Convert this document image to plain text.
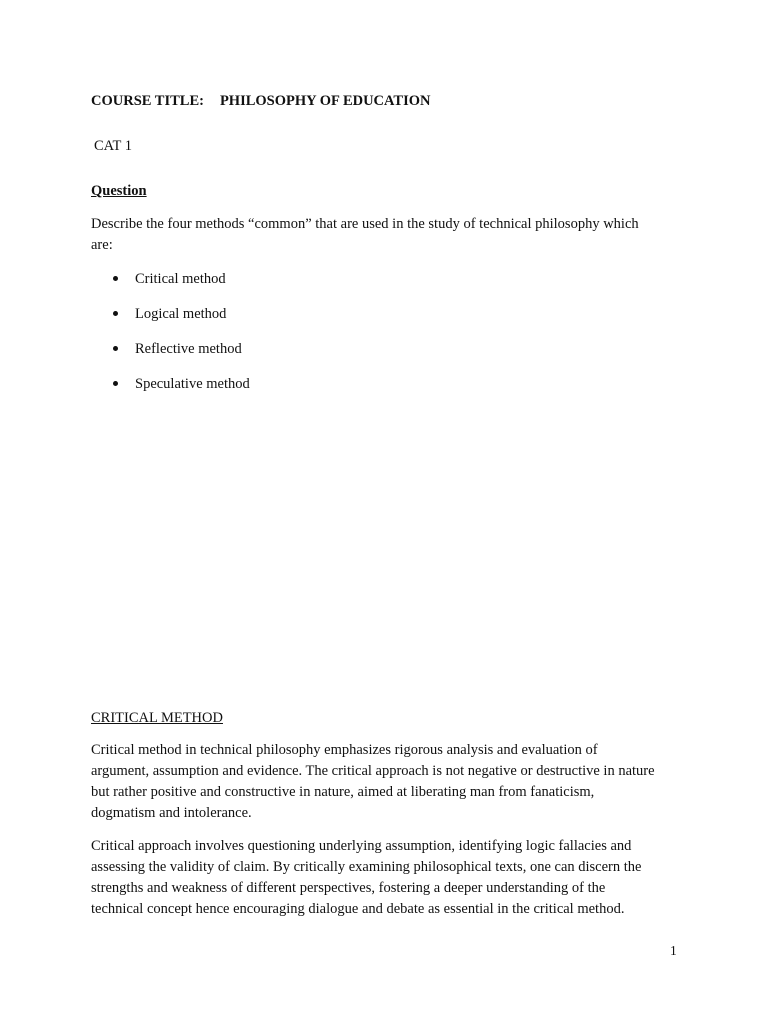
COURSE TITLE: PHILOSOPHY OF EDUCATION
CAT 1
Question
Describe the four methods “common” that are used in the study of technical philosophy which
are:
Critical method
Logical method
Reflective method
Speculative method
CRITICAL METHOD
Critical method in technical philosophy emphasizes rigorous analysis and evaluation of
argument, assumption and evidence. The critical approach is not negative or destructive in nature
but rather positive and constructive in nature, aimed at liberating man from fanaticism,
dogmatism and intolerance.
Critical approach involves questioning underlying assumption, identifying logic fallacies and
assessing the validity of claim. By critically examining philosophical texts, one can discern the
strengths and weakness of different perspectives, fostering a deeper understanding of the
technical concept hence encouraging dialogue and debate as essential in the critical method.
1
